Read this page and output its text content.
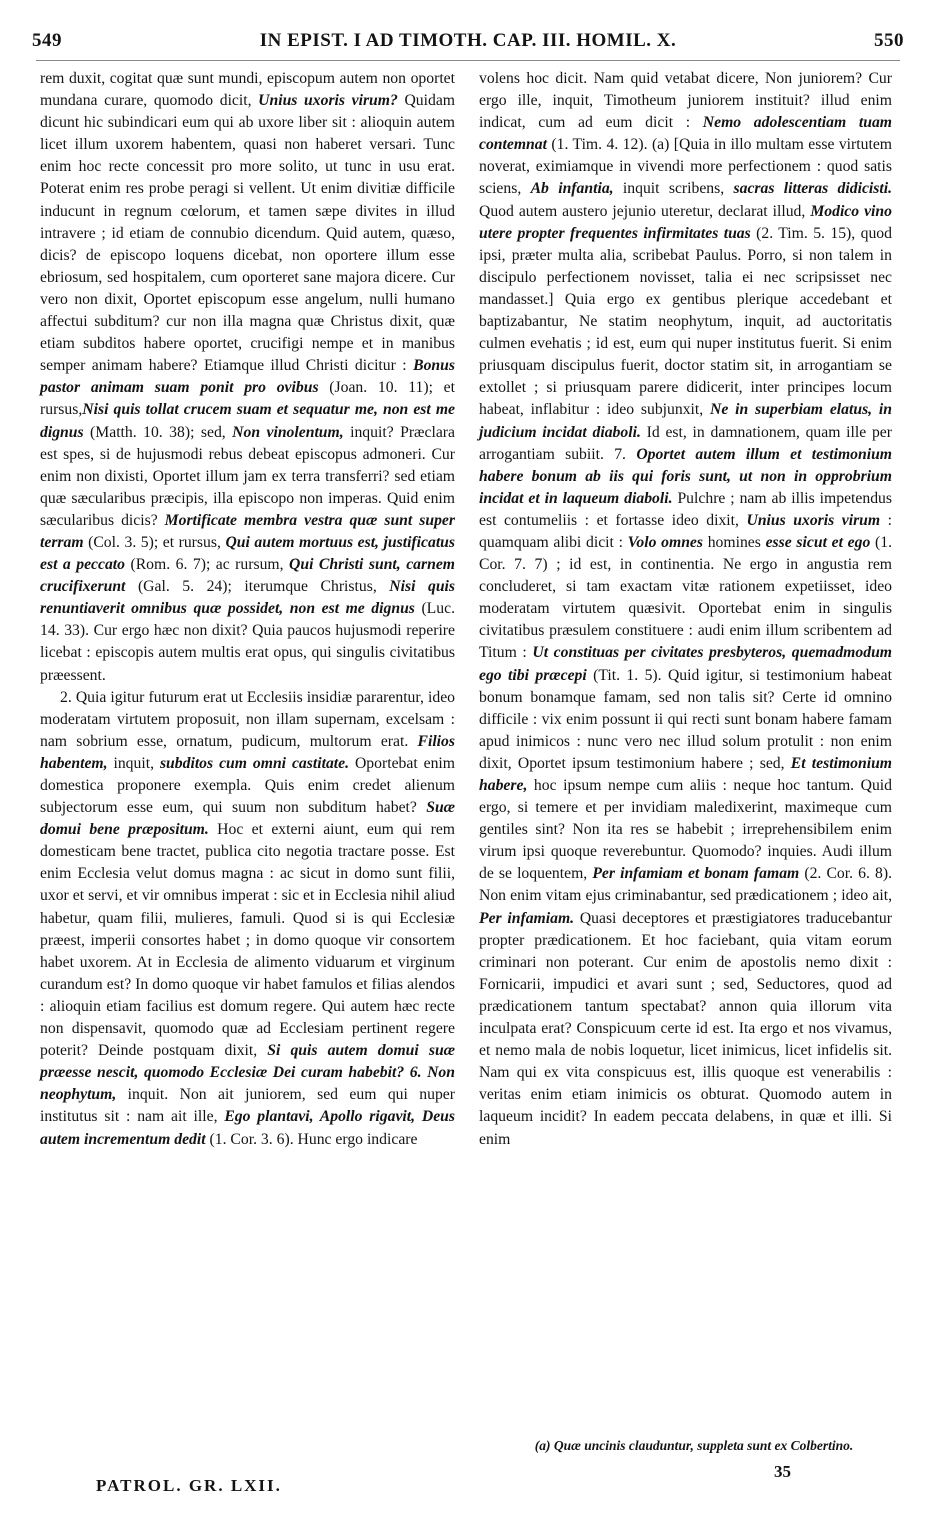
549	IN EPIST. I AD TIMOTH. CAP. III. HOMIL. X.	550

rem duxit, cogitat quæ sunt mundi, episcopum autem non oportet mundana curare, quomodo dicit, Unius uxoris virum? Quidam dicunt hic subindicari eum qui ab uxore liber sit : alioquin autem licet illum uxorem habentem, quasi non haberet versari. Tunc enim hoc recte concessit pro more solito, ut tunc in usu erat. Poterat enim res probe peragi si vellent. Ut enim divitiæ difficile inducunt in regnum cœlorum, et tamen sæpe divites in illud intravere ; id etiam de connubio dicendum. Quid autem, quæso, dicis? de episcopo loquens dicebat, non oportere illum esse ebriosum, sed hospitalem, cum oporteret sane majora dicere. Cur vero non dixit, Oportet episcopum esse angelum, nulli humano affectui subditum? cur non illa magna quæ Christus dixit, quæ etiam subditos habere oportet, crucifigi nempe et in manibus semper animam habere? Etiamque illud Christi dicitur : Bonus pastor animam suam ponit pro ovibus (Joan. 10. 11); et rursus,Nisi quis tollat crucem suam et sequatur me, non est me dignus (Matth. 10. 38); sed, Non vinolentum, inquit? Præclara est spes, si de hujusmodi rebus debeat episcopus admoneri. Cur enim non dixisti, Oportet illum jam ex terra transferri? sed etiam quæ sæcularibus præcipis, illa episcopo non imperas. Quid enim sæcularibus dicis? Mortificate membra vestra quæ sunt super terram (Col. 3. 5); et rursus, Qui autem mortuus est, justificatus est a peccato (Rom. 6. 7); ac rursum, Qui Christi sunt, carnem crucifixerunt (Gal. 5. 24); iterumque Christus, Nisi quis renuntiaverit omnibus quæ possidet, non est me dignus (Luc. 14. 33). Cur ergo hæc non dixit? Quia paucos hujusmodi reperire licebat : episcopis autem multis erat opus, qui singulis civitatibus præessent.

2. Quia igitur futurum erat ut Ecclesiis insidiæ pararentur, ideo moderatam virtutem proposuit, non illam supernam, excelsam : nam sobrium esse, ornatum, pudicum, multorum erat. Filios habentem, inquit, subditos cum omni castitate. Oportebat enim domestica proponere exempla. Quis enim credet alienum subjectorum esse eum, qui suum non subditum habet? Suæ domui bene præpositum. Hoc et externi aiunt, eum qui rem domesticam bene tractet, publica cito negotia tractare posse. Est enim Ecclesia velut domus magna : ac sicut in domo sunt filii, uxor et servi, et vir omnibus imperat : sic et in Ecclesia nihil aliud habetur, quam filii, mulieres, famuli. Quod si is qui Ecclesiæ præest, imperii consortes habet ; in domo quoque vir consortem habet uxorem. At in Ecclesia de alimento viduarum et virginum curandum est? In domo quoque vir habet famulos et filias alendos : alioquin etiam facilius est domum regere. Qui autem hæc recte non dispensavit, quomodo quæ ad Ecclesiam pertinent regere poterit? Deinde postquam dixit, Si quis autem domui suæ præesse nescit, quomodo Ecclesiæ Dei curam habebit? 6. Non neophytum, inquit. Non ait juniorem, sed eum qui nuper institutus sit : nam ait ille, Ego plantavi, Apollo rigavit, Deus autem incrementum dedit (1. Cor. 3. 6). Hunc ergo indicare

volens hoc dicit. Nam quid vetabat dicere, Non juniorem? Cur ergo ille, inquit, Timotheum juniorem instituit? illud enim indicat, cum ad eum dicit : Nemo adolescentiam tuam contemnat (1. Tim. 4. 12). (a) [Quia in illo multam esse virtutem noverat, eximiamque in vivendi more perfectionem : quod satis sciens, Ab infantia, inquit scribens, sacras litteras didicisti. Quod autem austero jejunio uteretur, declarat illud, Modico vino utere propter frequentes infirmitates tuas (2. Tim. 5. 15), quod ipsi, præter multa alia, scribebat Paulus. Porro, si non talem in discipulo perfectionem novisset, talia ei nec scripsisset nec mandasset.] Quia ergo ex gentibus plerique accedebant et baptizabantur, Ne statim neophytum, inquit, ad auctoritatis culmen evehatis ; id est, eum qui nuper institutus fuerit. Si enim priusquam discipulus fuerit, doctor statim sit, in arrogantiam se extollet ; si priusquam parere didicerit, inter principes locum habeat, inflabitur : ideo subjunxit, Ne in superbiam elatus, in judicium incidat diaboli. Id est, in damnationem, quam ille per arrogantiam subiit. 7. Oportet autem illum et testimonium habere bonum ab iis qui foris sunt, ut non in opprobrium incidat et in laqueum diaboli. Pulchre ; nam ab illis impetendus est contumeliis : et fortasse ideo dixit, Unius uxoris virum : quamquam alibi dicit : Volo omnes homines esse sicut et ego (1. Cor. 7. 7) ; id est, in continentia. Ne ergo in angustia rem concluderet, si tam exactam vitæ rationem expetiisset, ideo moderatam virtutem quæsivit. Oportebat enim in singulis civitatibus præsulem constituere : audi enim illum scribentem ad Titum : Ut constituas per civitates presbyteros, quemadmodum ego tibi præcepi (Tit. 1. 5). Quid igitur, si testimonium habeat bonum bonamque famam, sed non talis sit? Certe id omnino difficile : vix enim possunt ii qui recti sunt bonam habere famam apud inimicos : nunc vero nec illud solum protulit : non enim dixit, Oportet ipsum testimonium habere ; sed, Et testimonium habere, hoc ipsum nempe cum aliis : neque hoc tantum. Quid ergo, si temere et per invidiam maledixerint, maximeque cum gentiles sint? Non ita res se habebit ; irreprehensibilem enim virum ipsi quoque reverebuntur. Quomodo? inquies. Audi illum de se loquentem, Per infamiam et bonam famam (2. Cor. 6. 8). Non enim vitam ejus criminabantur, sed prædicationem ; ideo ait, Per infamiam. Quasi deceptores et præstigiatores traducebantur propter prædicationem. Et hoc faciebant, quia vitam eorum criminari non poterant. Cur enim de apostolis nemo dixit : Fornicarii, impudici et avari sunt ; sed, Seductores, quod ad prædicationem tantum spectabat? annon quia illorum vita inculpata erat? Conspicuum certe id est. Ita ergo et nos vivamus, et nemo mala de nobis loquetur, licet inimicus, licet infidelis sit. Nam qui ex vita conspicuus est, illis quoque est venerabilis : veritas enim etiam inimicis os obturat. Quomodo autem in laqueum incidit? In eadem peccata delabens, in quæ et illi. Si enim

(a) Quæ uncinis clauduntur, suppleta sunt ex Colbertino.
PATROL. GR. LXII.
35
